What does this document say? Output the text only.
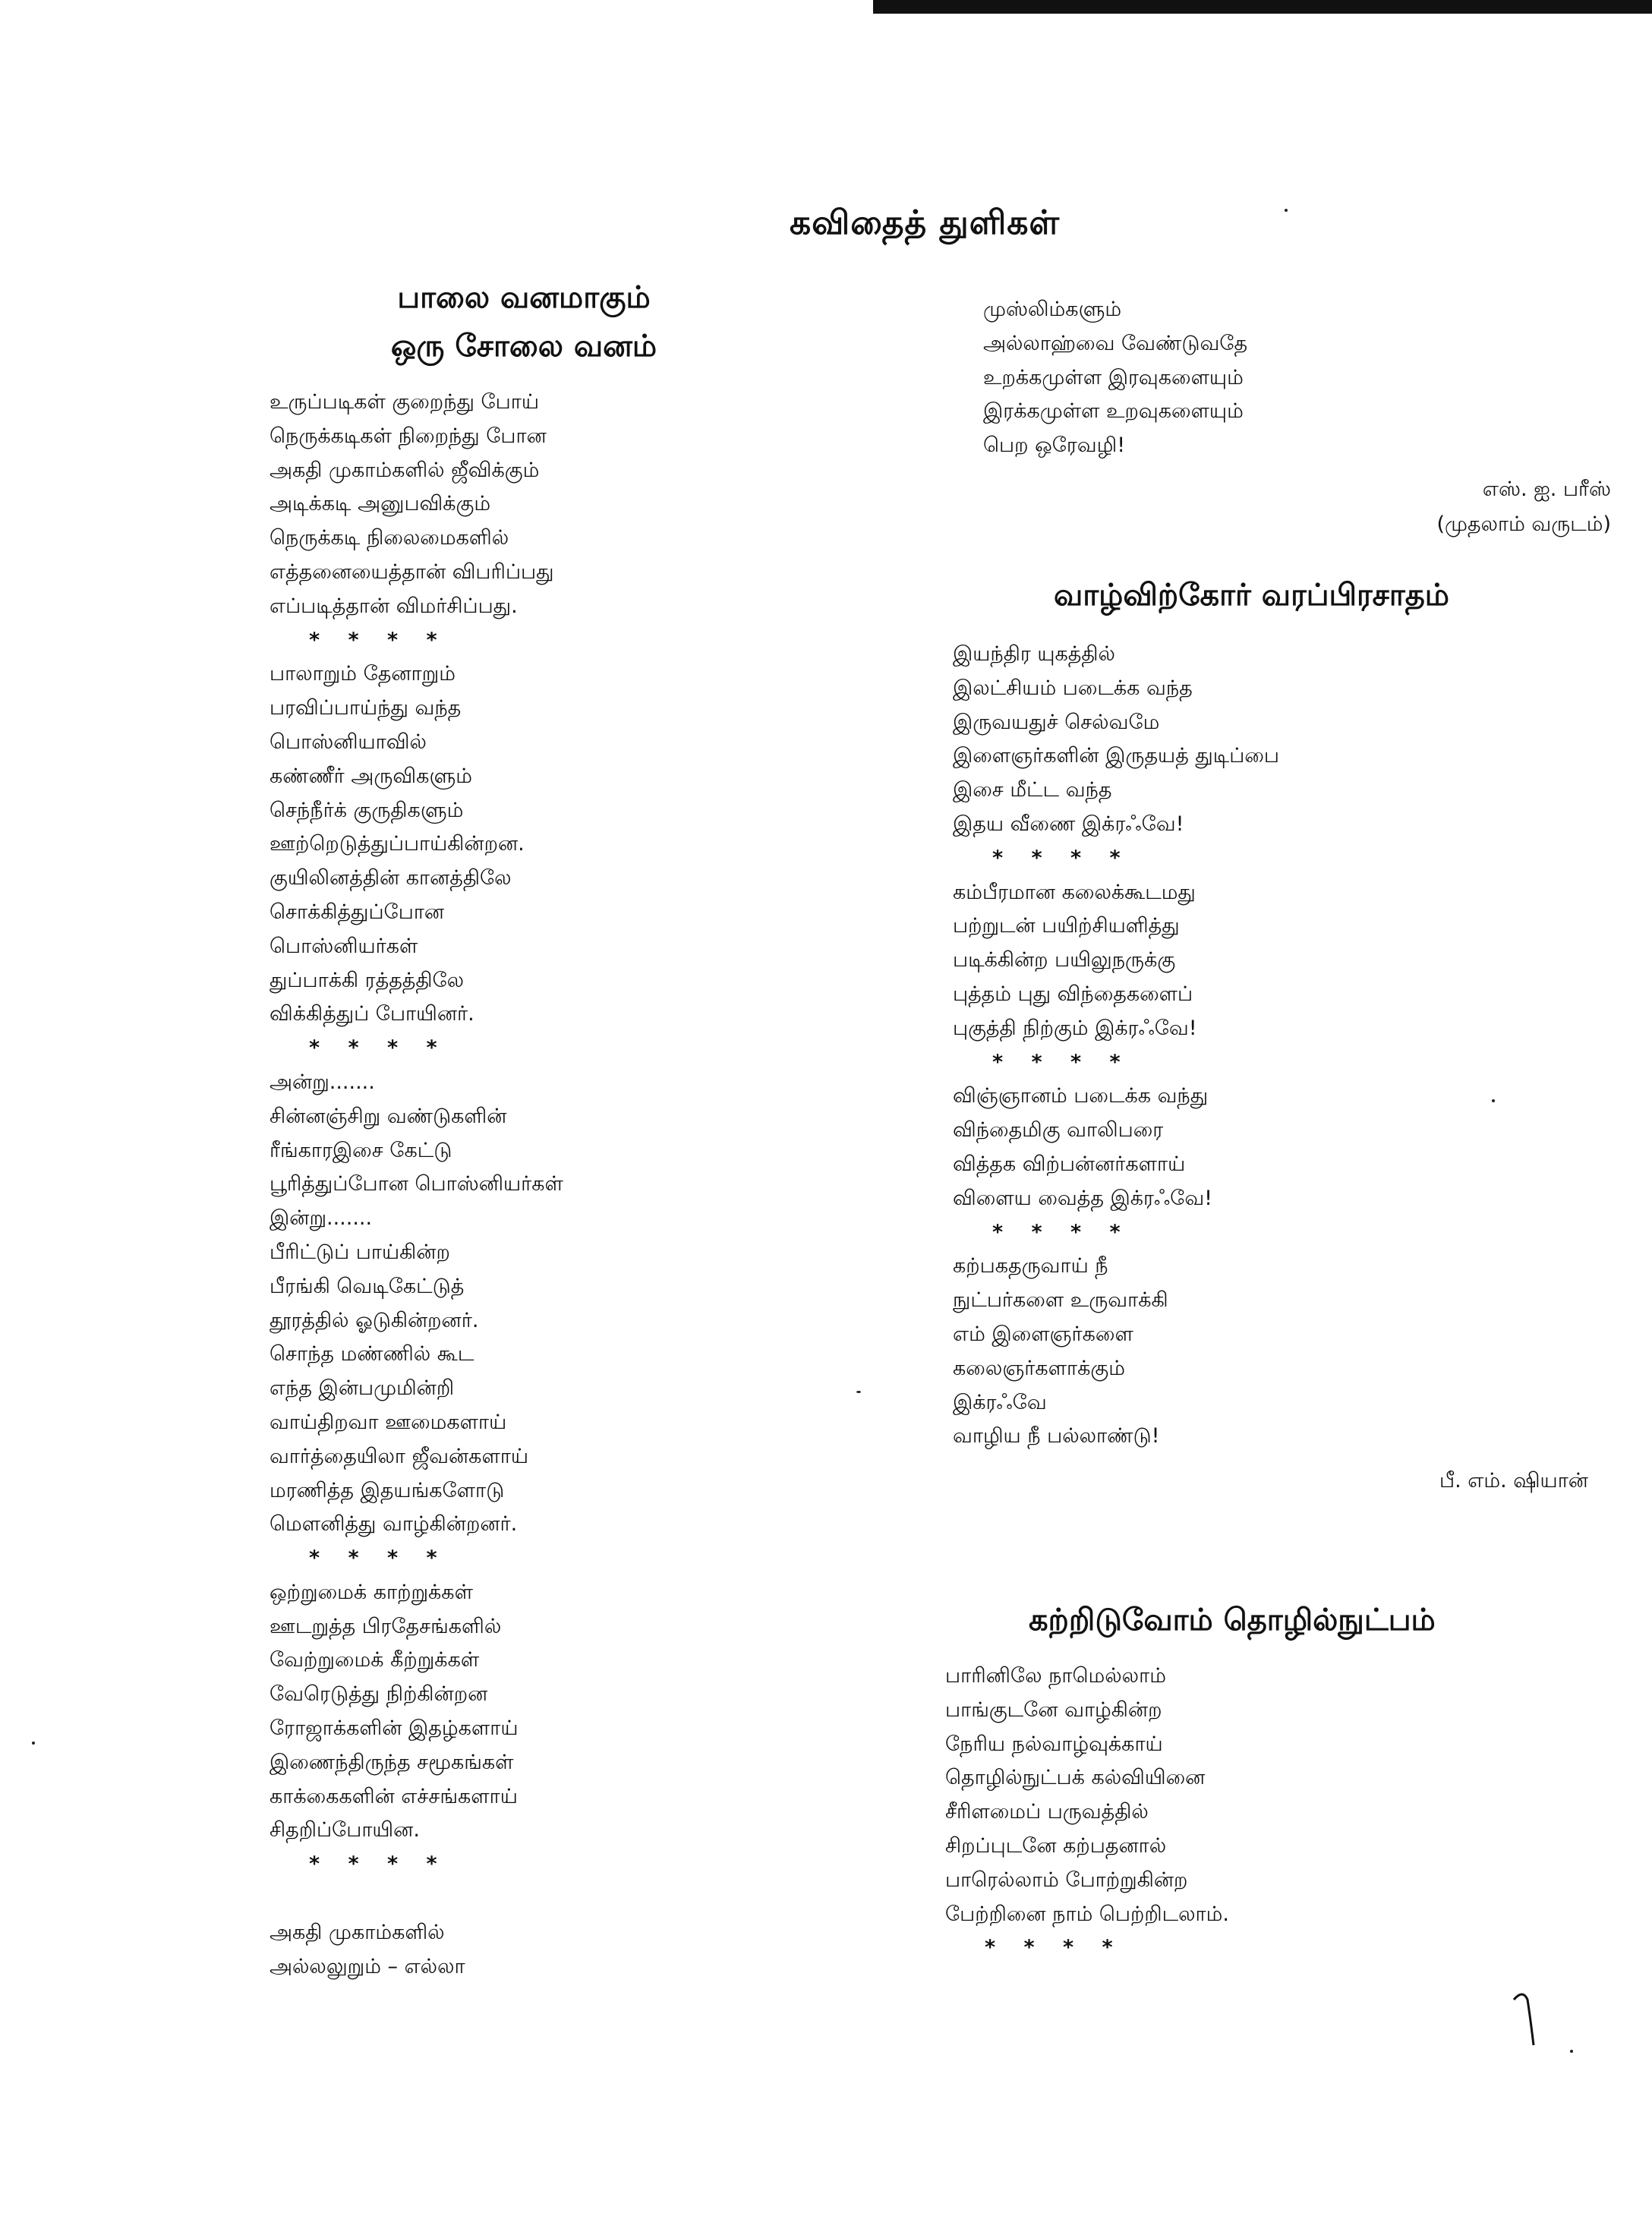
கவிதைத் துளிகள்
பாலை வனமாகும்
ஒரு சோலை வனம்
உருப்படிகள் குறைந்து போய்
நெருக்கடிகள் நிறைந்து போன
அகதி முகாம்களில் ஜீவிக்கும்
அடிக்கடி அனுபவிக்கும்
நெருக்கடி நிலைமைகளில்
எத்தனையைத்தான் விபரிப்பது
எப்படித்தான் விமர்சிப்பது.
* * * *
பாலாறும் தேனாறும்
பரவிப்பாய்ந்து வந்த
பொஸ்னியாவில்
கண்ணீர் அருவிகளும்
செந்நீர்க் குருதிகளும்
ஊற்றெடுத்துப்பாய்கின்றன.
குயிலினத்தின் கானத்திலே
சொக்கித்துப்போன
பொஸ்னியர்கள்
துப்பாக்கி ரத்தத்திலே
விக்கித்துப் போயினர்.
* * * *
அன்று.......
சின்னஞ்சிறு வண்டுகளின்
ரீங்காரஇசை கேட்டு
பூரித்துப்போன பொஸ்னியர்கள்
இன்று.......
பீரிட்டுப் பாய்கின்ற
பீரங்கி வெடிகேட்டுத்
தூரத்தில் ஓடுகின்றனர்.
சொந்த மண்ணில் கூட
எந்த இன்பமுமின்றி
வாய்திறவா ஊமைகளாய்
வார்த்தையிலா ஜீவன்களாய்
மரணித்த இதயங்களோடு
மௌனித்து வாழ்கின்றனர்.
* * * *
ஒற்றுமைக் காற்றுக்கள்
ஊடறுத்த பிரதேசங்களில்
வேற்றுமைக் கீற்றுக்கள்
வேரெடுத்து நிற்கின்றன
ரோஜாக்களின் இதழ்களாய்
இணைந்திருந்த சமூகங்கள்
காக்கைகளின் எச்சங்களாய்
சிதறிப்போயின.
* * * *
அகதி முகாம்களில்
அல்லலுறும் – எல்லா
முஸ்லிம்களும்
அல்லாஹ்வை வேண்டுவதே
உறக்கமுள்ள இரவுகளையும்
இரக்கமுள்ள உறவுகளையும்
பெற ஒரேவழி!
எஸ். ஐ. பரீஸ்
(முதலாம் வருடம்)
வாழ்விற்கோர் வரப்பிரசாதம்
இயந்திர யுகத்தில்
இலட்சியம் படைக்க வந்த
இருவயதுச் செல்வமே
இளைஞர்களின் இருதயத் துடிப்பை
இசை மீட்ட வந்த
இதய வீணை இக்ரஃவே!
* * * *
கம்பீரமான கலைக்கூடமது
பற்றுடன் பயிற்சியளித்து
படிக்கின்ற பயிலுநருக்கு
புத்தம் புது விந்தைகளைப்
புகுத்தி நிற்கும் இக்ரஃவே!
* * * *
விஞ்ஞானம் படைக்க வந்து
விந்தைமிகு வாலிபரை
வித்தக விற்பன்னர்களாய்
விளைய வைத்த இக்ரஃவே!
* * * *
கற்பகதருவாய் நீ
நுட்பர்களை உருவாக்கி
எம் இளைஞர்களை
கலைஞர்களாக்கும்
இக்ரஃவே
வாழிய நீ பல்லாண்டு!
பீ. எம். ஷியான்
கற்றிடுவோம் தொழில்நுட்பம்
பாரினிலே நாமெல்லாம்
பாங்குடனே வாழ்கின்ற
நேரிய நல்வாழ்வுக்காய்
தொழில்நுட்பக் கல்வியினை
சீரிளமைப் பருவத்தில்
சிறப்புடனே கற்பதனால்
பாரெல்லாம் போற்றுகின்ற
பேற்றினை நாம் பெற்றிடலாம்.
* * * *
